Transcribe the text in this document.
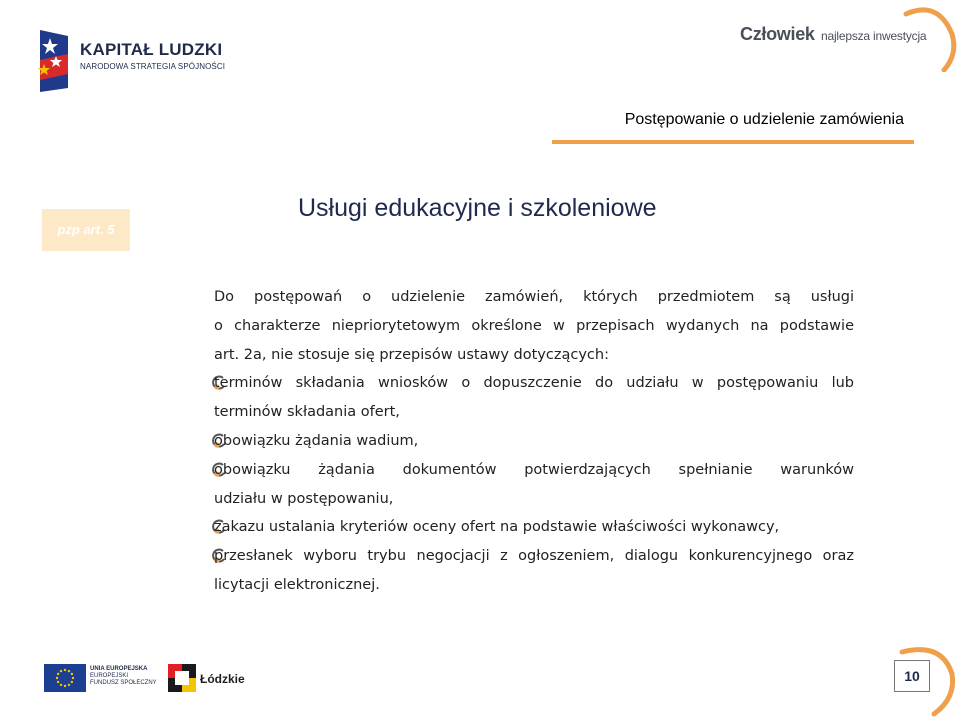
KAPITAŁ LUDZKI
NARODOWA STRATEGIA SPÓJNOŚCI
Człowiek najlepsza inwestycja
Postępowanie o udzielenie zamówienia
pzp art. 5
Usługi edukacyjne i szkoleniowe
Do postępowań o udzielenie zamówień, których przedmiotem są usługi
o charakterze niepriorytetowym określone w przepisach wydanych na podstawie
art. 2a, nie stosuje się przepisów ustawy dotyczących:
terminów składania wniosków o dopuszczenie do udziału w postępowaniu lub
terminów składania ofert,
obowiązku żądania wadium,
obowiązku żądania dokumentów potwierdzających spełnianie warunków
udziału w postępowaniu,
zakazu ustalania kryteriów oceny ofert na podstawie właściwości wykonawcy,
przesłanek wyboru trybu negocjacji z ogłoszeniem, dialogu konkurencyjnego oraz
licytacji elektronicznej.
UNIA EUROPEJSKA
EUROPEJSKI
FUNDUSZ SPOŁECZNY	Łódzkie	10
